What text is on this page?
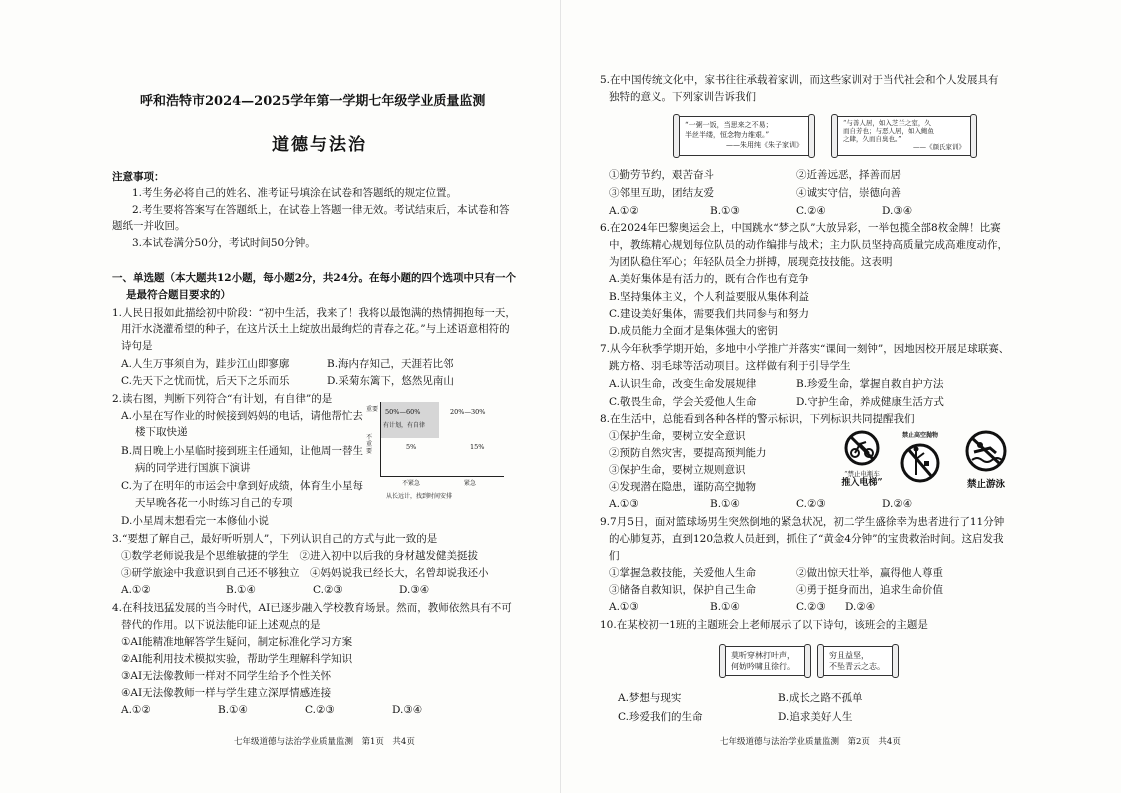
呼和浩特市2024—2025学年第一学期七年级学业质量监测
道德与法治
注意事项：
1.考生务必将自己的姓名、准考证号填涂在试卷和答题纸的规定位置。
2.考生要将答案写在答题纸上，在试卷上答题一律无效。考试结束后，本试卷和答
题纸一并收回。
3.本试卷满分50分，考试时间50分钟。
一、单选题（本大题共12小题，每小题2分，共24分。在每小题的四个选项中只有一个
是最符合题目要求的）
1.人民日报如此描绘初中阶段：“初中生活，我来了！我将以最饱满的热情拥抱每一天，
用汗水浇灌希望的种子，在这片沃土上绽放出最绚烂的青春之花。”与上述语意相符的
诗句是
A.人生万事须自为，跬步江山即寥廓	B.海内存知己，天涯若比邻
C.先天下之忧而忧，后天下之乐而乐	D.采菊东篱下，悠然见南山
2.读右图，判断下列符合“有计划，有自律”的是
A.小星在写作业的时候接到妈妈的电话，请他帮忙去
楼下取快递
B.周日晚上小星临时接到班主任通知，让他周一替生
病的同学进行国旗下演讲
C.为了在明年的市运会中拿到好成绩，体育生小星每
天早晚各花一小时练习自己的专项
D.小星周末想看完一本修仙小说
重要
不重要
50%—60%
有计划，有自律
20%—30%
5%	15%
不紧急	紧急
从长远计，找到时间安排
3.“要想了解自己，最好听听别人”，下列认识自己的方式与此一致的是
①数学老师说我是个思维敏捷的学生　②进入初中以后我的身材越发健美挺拔
③研学旅途中我意识到自己还不够独立　④妈妈说我已经长大，名曾却说我还小
A.①②	B.①④	C.②③	D.③④
4.在科技迅猛发展的当今时代，AI已逐步融入学校教育场景。然而，教师依然具有不可
替代的作用。以下说法能印证上述观点的是
①AI能精准地解答学生疑问，制定标准化学习方案
②AI能利用技术模拟实验，帮助学生理解科学知识
③AI无法像教师一样对不同学生给予个性关怀
④AI无法像教师一样与学生建立深厚情感连接
A.①②	B.①④	C.②③	D.③④
七年级道德与法治学业质量监测　第1页　共4页
5.在中国传统文化中，家书往往承载着家训，而这些家训对于当代社会和个人发展具有
独特的意义。下列家训告诉我们
“一粥一饭，当思来之不易；
半丝半缕，恒念物力维艰。”
——朱用纯《朱子家训》
“与善人居，如入芝兰之室，久
而自芳也；与恶人居，如入鲍鱼
之肆，久而自臭也。”
——《颜氏家训》
①勤劳节约，艰苦奋斗	②近善远恶，择善而居
③邻里互助，团结友爱	④诚实守信，崇德向善
A.①②	B.①③	C.②④	D.③④
6.在2024年巴黎奥运会上，中国跳水“梦之队”大放异彩，一举包揽全部8枚金牌！比赛
中，教练精心规划每位队员的动作编排与战术；主力队员坚持高质量完成高难度动作，
为团队稳住军心；年轻队员全力拼搏，展现竞技技能。这表明
A.美好集体是有活力的，既有合作也有竞争
B.坚持集体主义，个人利益要服从集体利益
C.建设美好集体，需要我们共同参与和努力
D.成员能力全面才是集体强大的密钥
7.从今年秋季学期开始，多地中小学推广并落实“课间一刻钟”，因地因校开展足球联赛、
跳方格、羽毛球等活动项目。这样做有利于引导学生
A.认识生命，改变生命发展规律	B.珍爱生命，掌握自救自护方法
C.敬畏生命，学会关爱他人生命	D.守护生命，养成健康生活方式
8.在生活中，总能看到各种各样的警示标识，下列标识共同提醒我们
①保护生命，要树立安全意识
②预防自然灾害，要提高预判能力
③保护生命，要树立规则意识
④发现潜在隐患，谨防高空抛物
A.①③	B.①④	C.②③	D.②④
“禁止电瓶车
推入电梯”
禁止高空抛物
禁止游泳
9.7月5日，面对篮球场男生突然倒地的紧急状况，初二学生盛徐幸为患者进行了11分钟
的心肺复苏，直到120急救人员赶到，抓住了“黄金4分钟”的宝贵救治时间。这启发我
们
①掌握急救技能，关爱他人生命	②做出惊天壮举，赢得他人尊重
③储备自救知识，保护自己生命	④勇于挺身而出，追求生命价值
A.①③	B.①④	C.②③ D.②④
10.在某校初一1班的主题班会上老师展示了以下诗句，该班会的主题是
莫听穿林打叶声，
何妨吟啸且徐行。
穷且益坚，
不坠青云之志。
A.梦想与现实	B.成长之路不孤单
C.珍爱我们的生命	D.追求美好人生
七年级道德与法治学业质量监测　第2页　共4页
